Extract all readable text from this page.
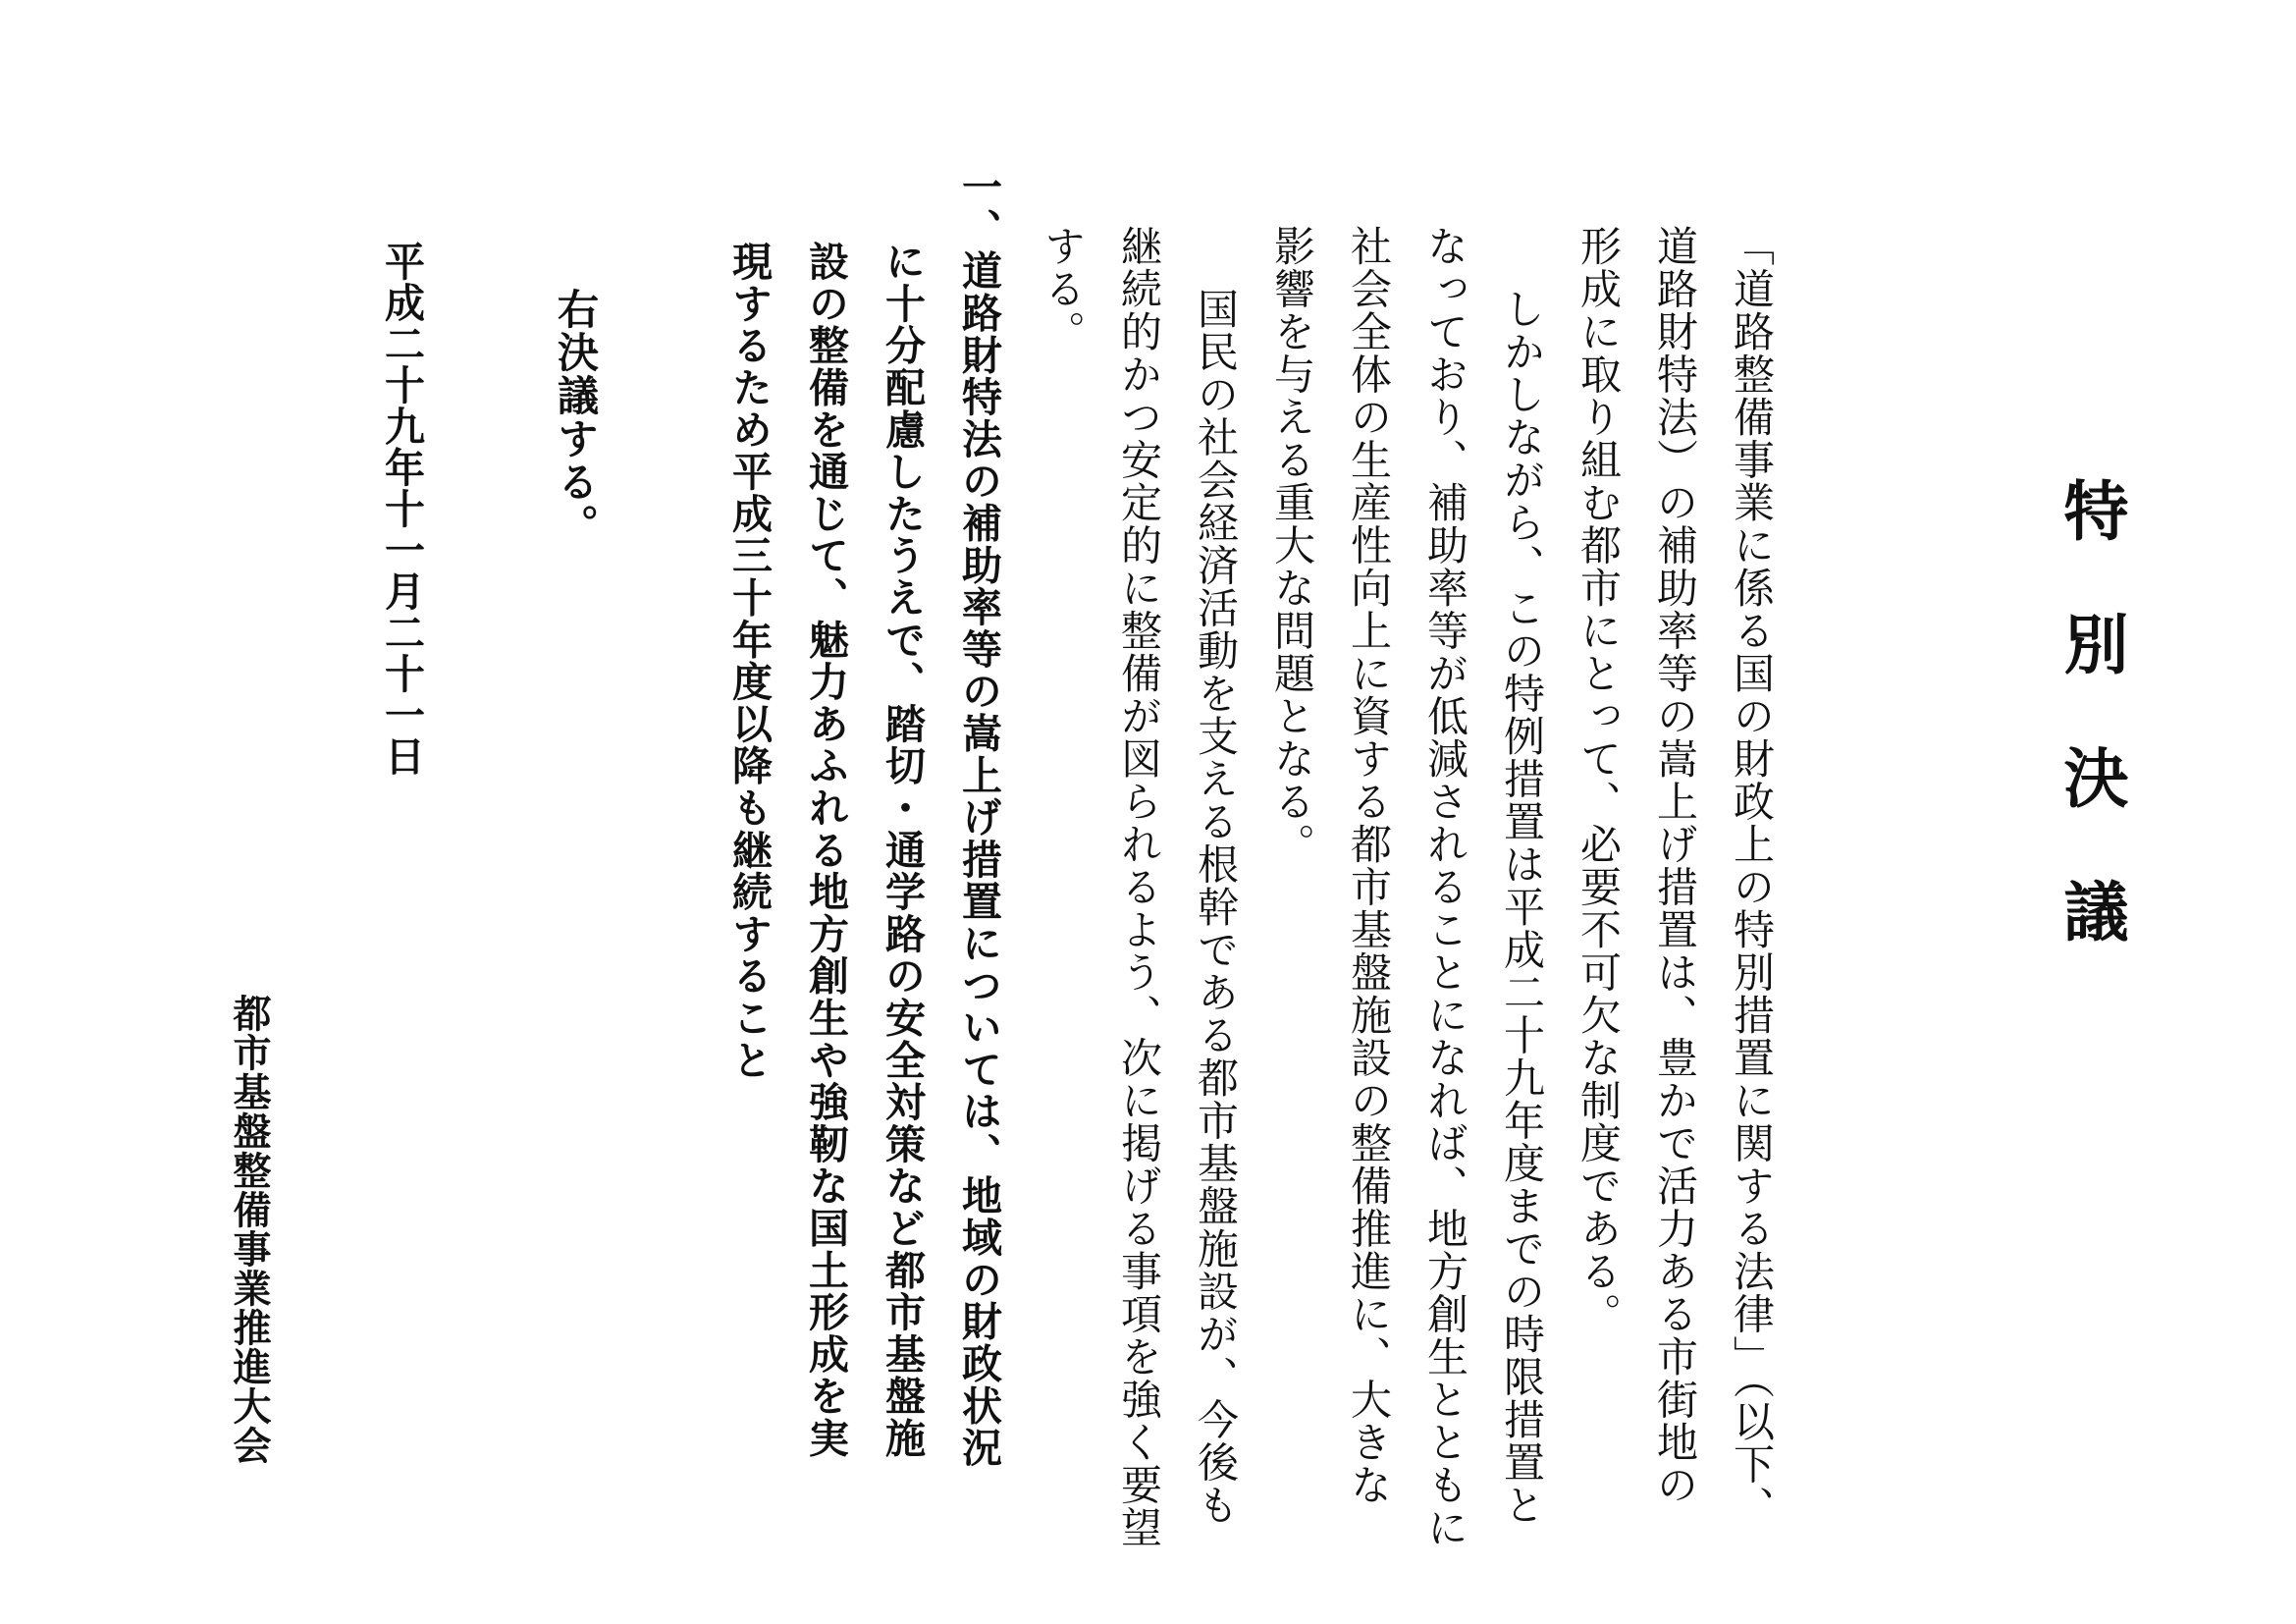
特別決議
「道路整備事業に係る国の財政上の特別措置に関する法律」（以下、
道路財特法）の補助率等の嵩上げ措置は、豊かで活力ある市街地の
形成に取り組む都市にとって、必要不可欠な制度である。
しかしながら、この特例措置は平成二十九年度までの時限措置と
なっており、補助率等が低減されることになれば、地方創生とともに
社会全体の生産性向上に資する都市基盤施設の整備推進に、大きな
影響を与える重大な問題となる。
国民の社会経済活動を支える根幹である都市基盤施設が、今後も
継続的かつ安定的に整備が図られるよう、次に掲げる事項を強く要望
する。
一、道路財特法の補助率等の嵩上げ措置については、地域の財政状況
に十分配慮したうえで、踏切・通学路の安全対策など都市基盤施
設の整備を通じて、魅力あふれる地方創生や強靭な国土形成を実
現するため平成三十年度以降も継続すること
右決議する。
平成二十九年十一月二十一日
都市基盤整備事業推進大会
